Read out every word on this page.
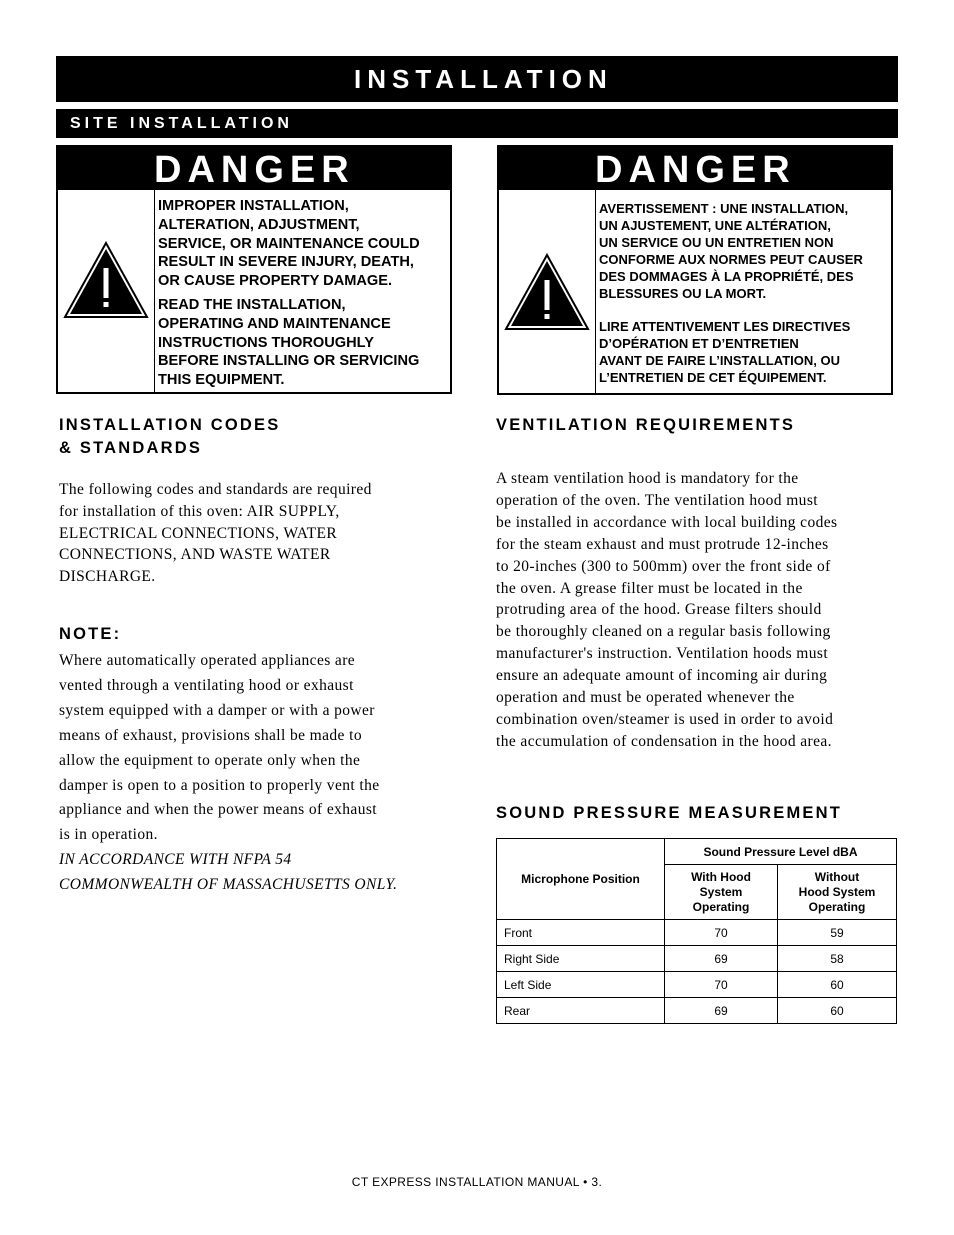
INSTALLATION
SITE INSTALLATION
DANGER

IMPROPER INSTALLATION,
ALTERATION, ADJUSTMENT,
SERVICE, OR MAINTENANCE COULD
RESULT IN SEVERE INJURY, DEATH,
OR CAUSE PROPERTY DAMAGE.

READ THE INSTALLATION,
OPERATING AND MAINTENANCE
INSTRUCTIONS THOROUGHLY
BEFORE INSTALLING OR SERVICING
THIS EQUIPMENT.

DANGER

AVERTISSEMENT : UNE INSTALLATION,
UN AJUSTEMENT, UNE ALTÉRATION,
UN SERVICE OU UN ENTRETIEN NON
CONFORME AUX NORMES PEUT CAUSER
DES DOMMAGES À LA PROPRIÉTÉ, DES
BLESSURES OU LA MORT.

LIRE ATTENTIVEMENT LES DIRECTIVES
D’OPÉRATION ET D’ENTRETIEN
AVANT DE FAIRE L’INSTALLATION, OU
L’ENTRETIEN DE CET ÉQUIPEMENT.

INSTALLATION CODES
& STANDARDS

The following codes and standards are required
for installation of this oven: AIR SUPPLY,
ELECTRICAL CONNECTIONS, WATER
CONNECTIONS, AND WASTE WATER
DISCHARGE.

NOTE:

Where automatically operated appliances are
vented through a ventilating hood or exhaust
system equipped with a damper or with a power
means of exhaust, provisions shall be made to
allow the equipment to operate only when the
damper is open to a position to properly vent the
appliance and when the power means of exhaust
is in operation.

IN ACCORDANCE WITH NFPA 54
COMMONWEALTH OF MASSACHUSETTS ONLY.

VENTILATION REQUIREMENTS

A steam ventilation hood is mandatory for the
operation of the oven. The ventilation hood must
be installed in accordance with local building codes
for the steam exhaust and must protrude 12-inches
to 20-inches (300 to 500mm) over the front side of
the oven. A grease filter must be located in the
protruding area of the hood. Grease filters should
be thoroughly cleaned on a regular basis following
manufacturer's instruction. Ventilation hoods must
ensure an adequate amount of incoming air during
operation and must be operated whenever the
combination oven/steamer is used in order to avoid
the accumulation of condensation in the hood area.

SOUND PRESSURE MEASUREMENT
Microphone Position	Sound Pressure Level dBA	
	With Hood
System
Operating	Without
Hood System
Operating
Front	70	59
Right Side	69	58
Left Side	70	60
Rear	69	60
CT EXPRESS INSTALLATION MANUAL • 3.
